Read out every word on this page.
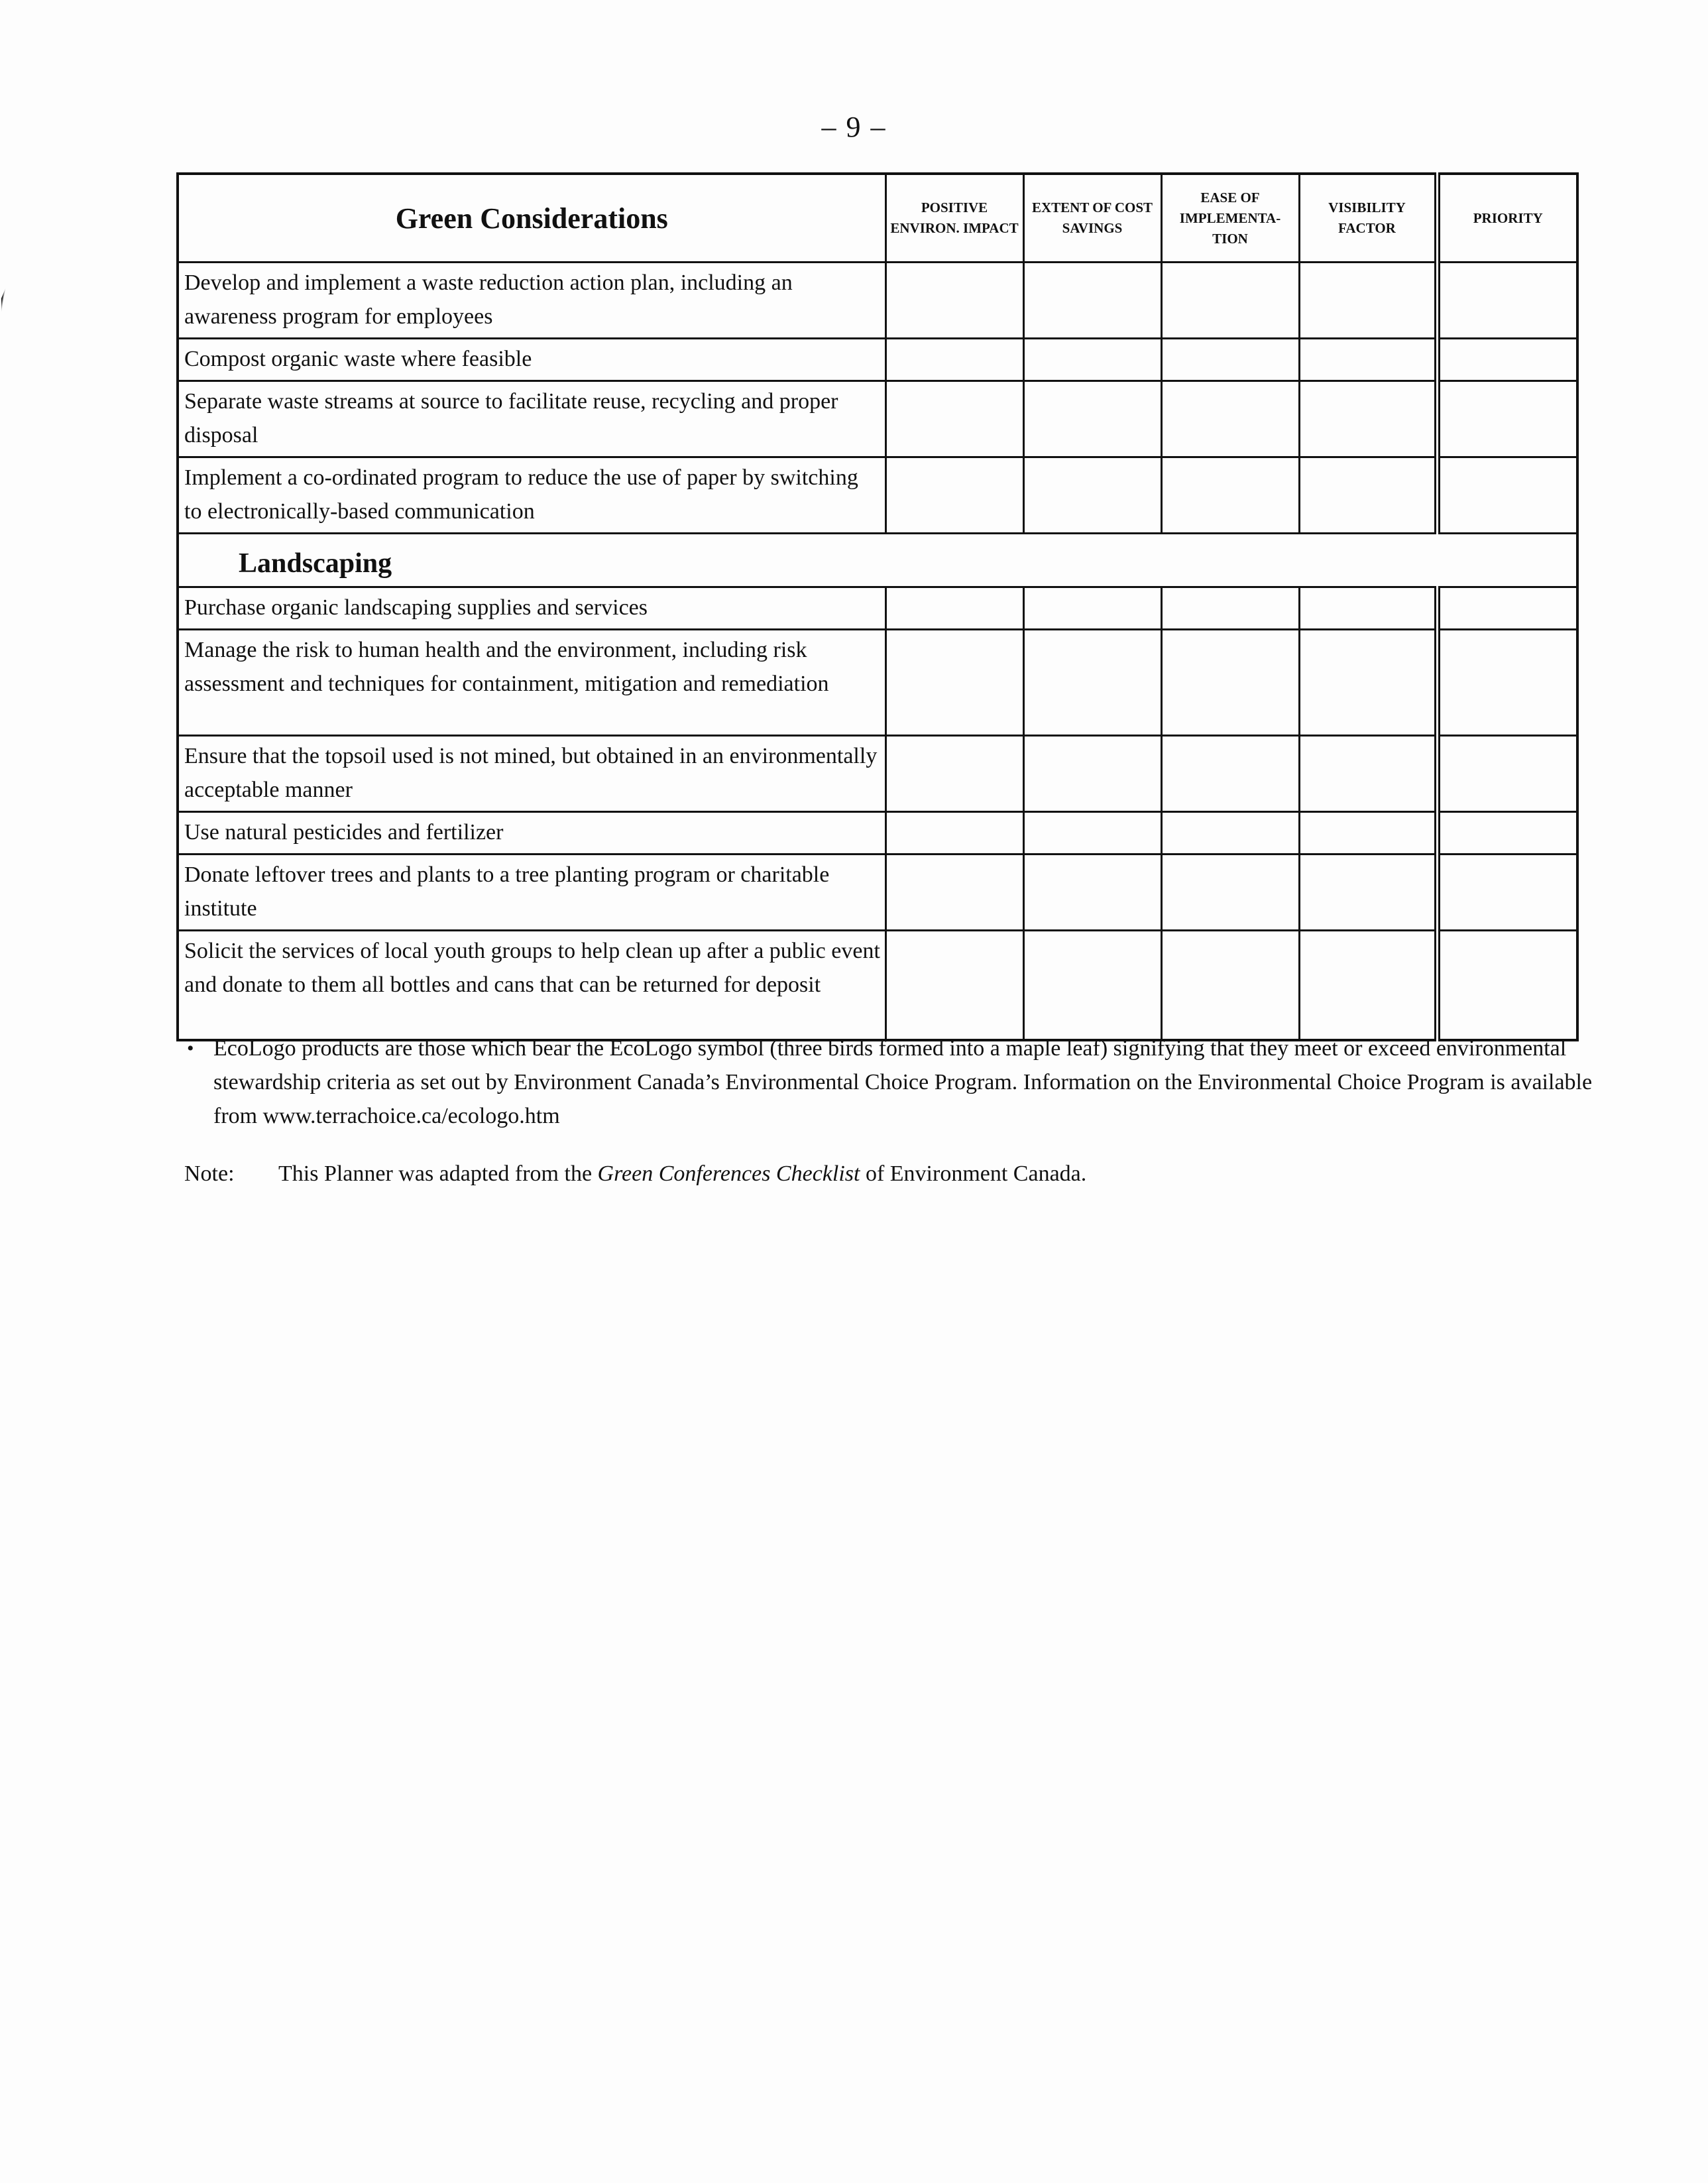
– 9 –
Green Considerations	POSITIVE ENVIRON. IMPACT	EXTENT OF COST SAVINGS	EASE OF IMPLEMENTA- TION	VISIBILITY FACTOR	PRIORITY
Develop and implement a waste reduction action plan, including an awareness program for employees					
Compost organic waste where feasible					
Separate waste streams at source to facilitate reuse, recycling and proper disposal					
Implement a co-ordinated program to reduce the use of paper by switching to electronically-based communication					
Landscaping					
Purchase organic landscaping supplies and services					
Manage the risk to human health and the environment, including risk assessment and techniques for containment, mitigation and remediation					
Ensure that the topsoil used is not mined, but obtained in an environmentally acceptable manner					
Use natural pesticides and fertilizer					
Donate leftover trees and plants to a tree planting program or charitable institute					
Solicit the services of local youth groups to help clean up after a public event and donate to them all bottles and cans that can be returned for deposit					
• EcoLogo products are those which bear the EcoLogo symbol (three birds formed into a maple leaf) signifying that they meet or exceed environmental stewardship criteria as set out by Environment Canada’s Environmental Choice Program. Information on the Environmental Choice Program is available from www.terrachoice.ca/ecologo.htm
Note: This Planner was adapted from the Green Conferences Checklist of Environment Canada.
